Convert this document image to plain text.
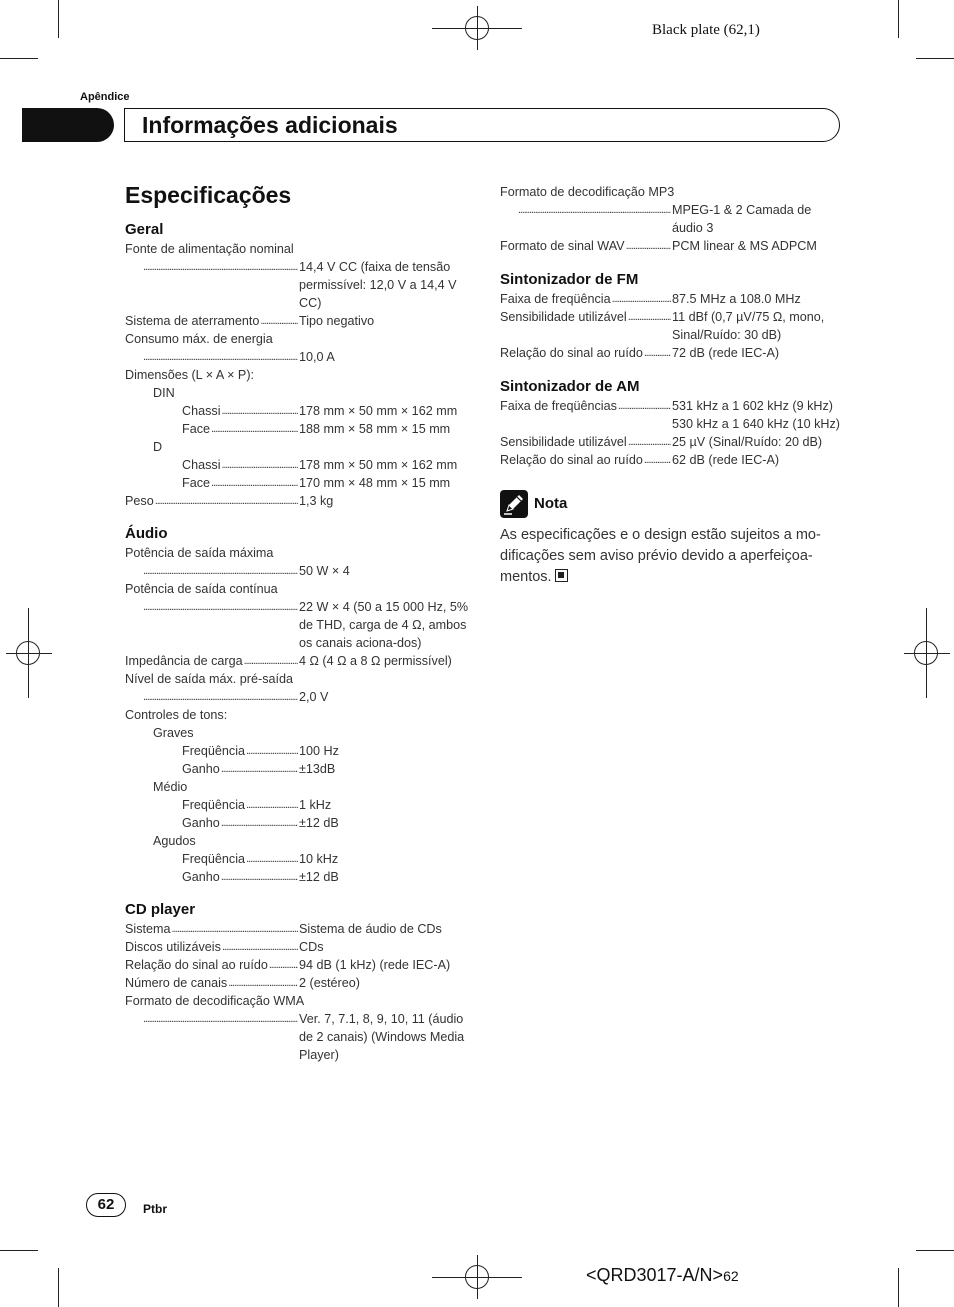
Black plate (62,1)
Apêndice
Informações adicionais
Especificações
Geral
Fonte de alimentação nominal
.....
14,4 V CC (faixa de tensão permissível: 12,0 V a 14,4 V CC)
Sistema de aterramento .....	Tipo negativo
Consumo máx. de energia
.....
10,0 A
Dimensões (L × A × P):
DIN
Chassi .....	178 mm × 50 mm × 162 mm
Face .....	188 mm × 58 mm × 15 mm
D
Chassi .....	178 mm × 50 mm × 162 mm
Face .....	170 mm × 48 mm × 15 mm
Peso .....	1,3 kg
Áudio
Potência de saída máxima
.....
50 W × 4
Potência de saída contínua
.....
22 W × 4 (50 a 15 000 Hz, 5% de THD, carga de 4 Ω, ambos os canais aciona-dos)
Impedância de carga .....	4 Ω (4 Ω a 8 Ω permissível)
Nível de saída máx. pré-saída
.....
2,0 V
Controles de tons:
Graves
Freqüência .....	100 Hz
Ganho .....	±13dB
Médio
Freqüência .....	1 kHz
Ganho .....	±12 dB
Agudos
Freqüência .....	10 kHz
Ganho .....	±12 dB
CD player
Sistema .....	Sistema de áudio de CDs
Discos utilizáveis .....	CDs
Relação do sinal ao ruído ..... 94 dB (1 kHz) (rede IEC-A)
Número de canais .....	2 (estéreo)
Formato de decodificação WMA
.....
Ver. 7, 7.1, 8, 9, 10, 11 (áudio de 2 canais) (Windows Media Player)
Formato de decodificação MP3
.....
MPEG-1 & 2 Camada de áudio 3
Formato de sinal WAV .....	PCM linear & MS ADPCM
Sintonizador de FM
Faixa de freqüência .....	87.5 MHz a 108.0 MHz
Sensibilidade utilizável .....	11 dBf (0,7 µV/75 Ω, mono, Sinal/Ruído: 30 dB)
Relação do sinal ao ruído ..... 72 dB (rede IEC-A)
Sintonizador de AM
Faixa de freqüências .....	531 kHz a 1 602 kHz (9 kHz) 530 kHz a 1 640 kHz (10 kHz)
Sensibilidade utilizável .....	25 µV (Sinal/Ruído: 20 dB)
Relação do sinal ao ruído ..... 62 dB (rede IEC-A)
Nota
As especificações e o design estão sujeitos a mo-dificações sem aviso prévio devido a aperfeiçoa-mentos.
62	Ptbr
<QRD3017-A/N>62
